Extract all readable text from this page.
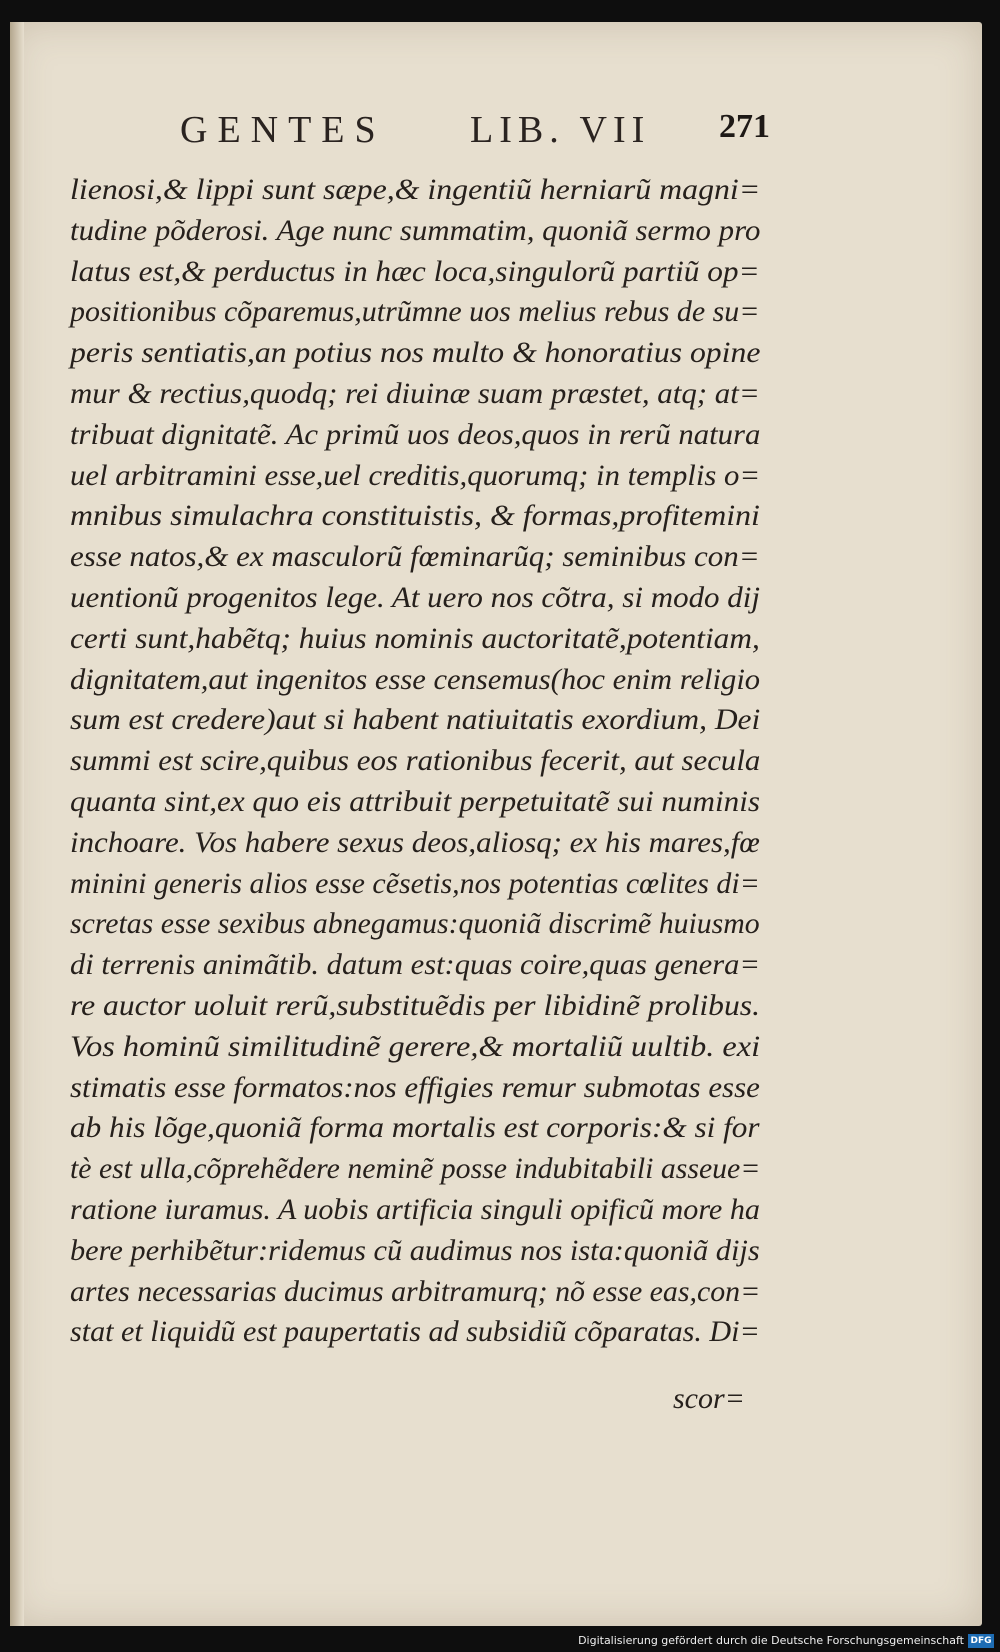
GENTES LIB. VII 271
lienosi,& lippi sunt sæpe,& ingentiũ herniarũ magni=
tudine põderosi. Age nunc summatim, quoniã sermo pro
latus est,& perductus in hæc loca,singulorũ partiũ op=
positionibus cõparemus,utrũmne uos melius rebus de su=
peris sentiatis,an potius nos multo & honoratius opine
mur & rectius,quodq; rei diuinæ suam præstet, atq; at=
tribuat dignitatẽ. Ac primũ uos deos,quos in rerũ natura
uel arbitramini esse,uel creditis,quorumq; in templis o=
mnibus simulachra constituistis, & formas,profitemini
esse natos,& ex masculorũ fœminarũq; seminibus con=
uentionũ progenitos lege. At uero nos cõtra, si modo dij
certi sunt,habẽtq; huius nominis auctoritatẽ,potentiam,
dignitatem,aut ingenitos esse censemus(hoc enim religio
sum est credere)aut si habent natiuitatis exordium, Dei
summi est scire,quibus eos rationibus fecerit, aut secula
quanta sint,ex quo eis attribuit perpetuitatẽ sui numinis
inchoare. Vos habere sexus deos,aliosq; ex his mares,fœ
minini generis alios esse cẽsetis,nos potentias cœlites di=
scretas esse sexibus abnegamus:quoniã discrimẽ huiusmo
di terrenis animãtib. datum est:quas coire,quas genera=
re auctor uoluit rerũ,substituẽdis per libidinẽ prolibus.
Vos hominũ similitudinẽ gerere,& mortaliũ uultib. exi
stimatis esse formatos:nos effigies remur submotas esse
ab his lõge,quoniã forma mortalis est corporis:& si for
tè est ulla,cõprehẽdere neminẽ posse indubitabili asseue=
ratione iuramus. A uobis artificia singuli opificũ more ha
bere perhibẽtur:ridemus cũ audimus nos ista:quoniã dijs
artes necessarias ducimus arbitramurq; nõ esse eas,con=
stat et liquidũ est paupertatis ad subsidiũ cõparatas. Di=
scor=
Digitalisierung gefördert durch die Deutsche Forschungsgemeinschaft DFG
